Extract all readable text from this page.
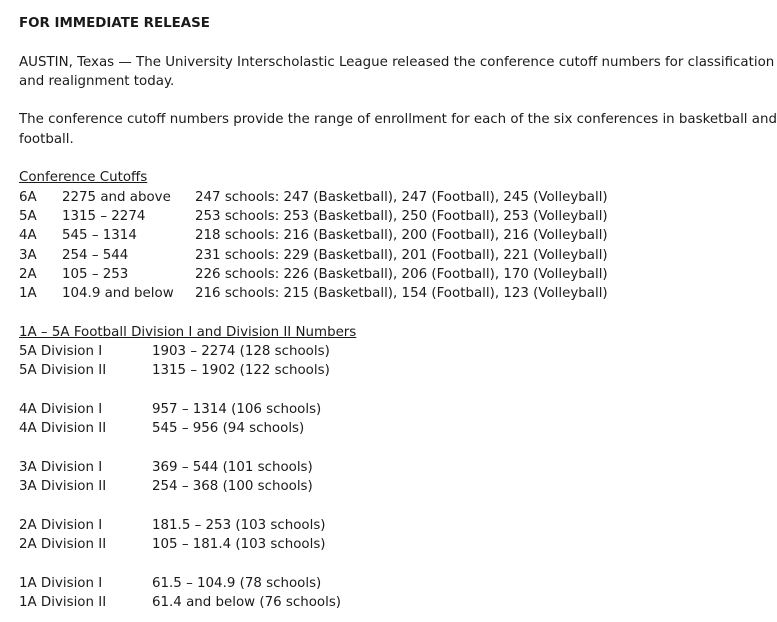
FOR IMMEDIATE RELEASE
AUSTIN, Texas — The University Interscholastic League released the conference cutoff numbers for classification
and realignment today.
The conference cutoff numbers provide the range of enrollment for each of the six conferences in basketball and
football.
Conference Cutoffs
6A 2275 and above 247 schools: 247 (Basketball), 247 (Football), 245 (Volleyball)
5A 1315 – 2274	253 schools: 253 (Basketball), 250 (Football), 253 (Volleyball)
4A 545 – 1314	218 schools: 216 (Basketball), 200 (Football), 216 (Volleyball)
3A 254 – 544	231 schools: 229 (Basketball), 201 (Football), 221 (Volleyball)
2A 105 – 253	226 schools: 226 (Basketball), 206 (Football), 170 (Volleyball)
1A 104.9 and below 216 schools: 215 (Basketball), 154 (Football), 123 (Volleyball)
1A – 5A Football Division I and Division II Numbers
5A Division I	1903 – 2274 (128 schools)
5A Division II	1315 – 1902 (122 schools)
4A Division I	957 – 1314 (106 schools)
4A Division II	545 – 956 (94 schools)
3A Division I	369 – 544 (101 schools)
3A Division II	254 – 368 (100 schools)
2A Division I	181.5 – 253 (103 schools)
2A Division II	105 – 181.4 (103 schools)
1A Division I	61.5 – 104.9 (78 schools)
1A Division II	61.4 and below (76 schools)
